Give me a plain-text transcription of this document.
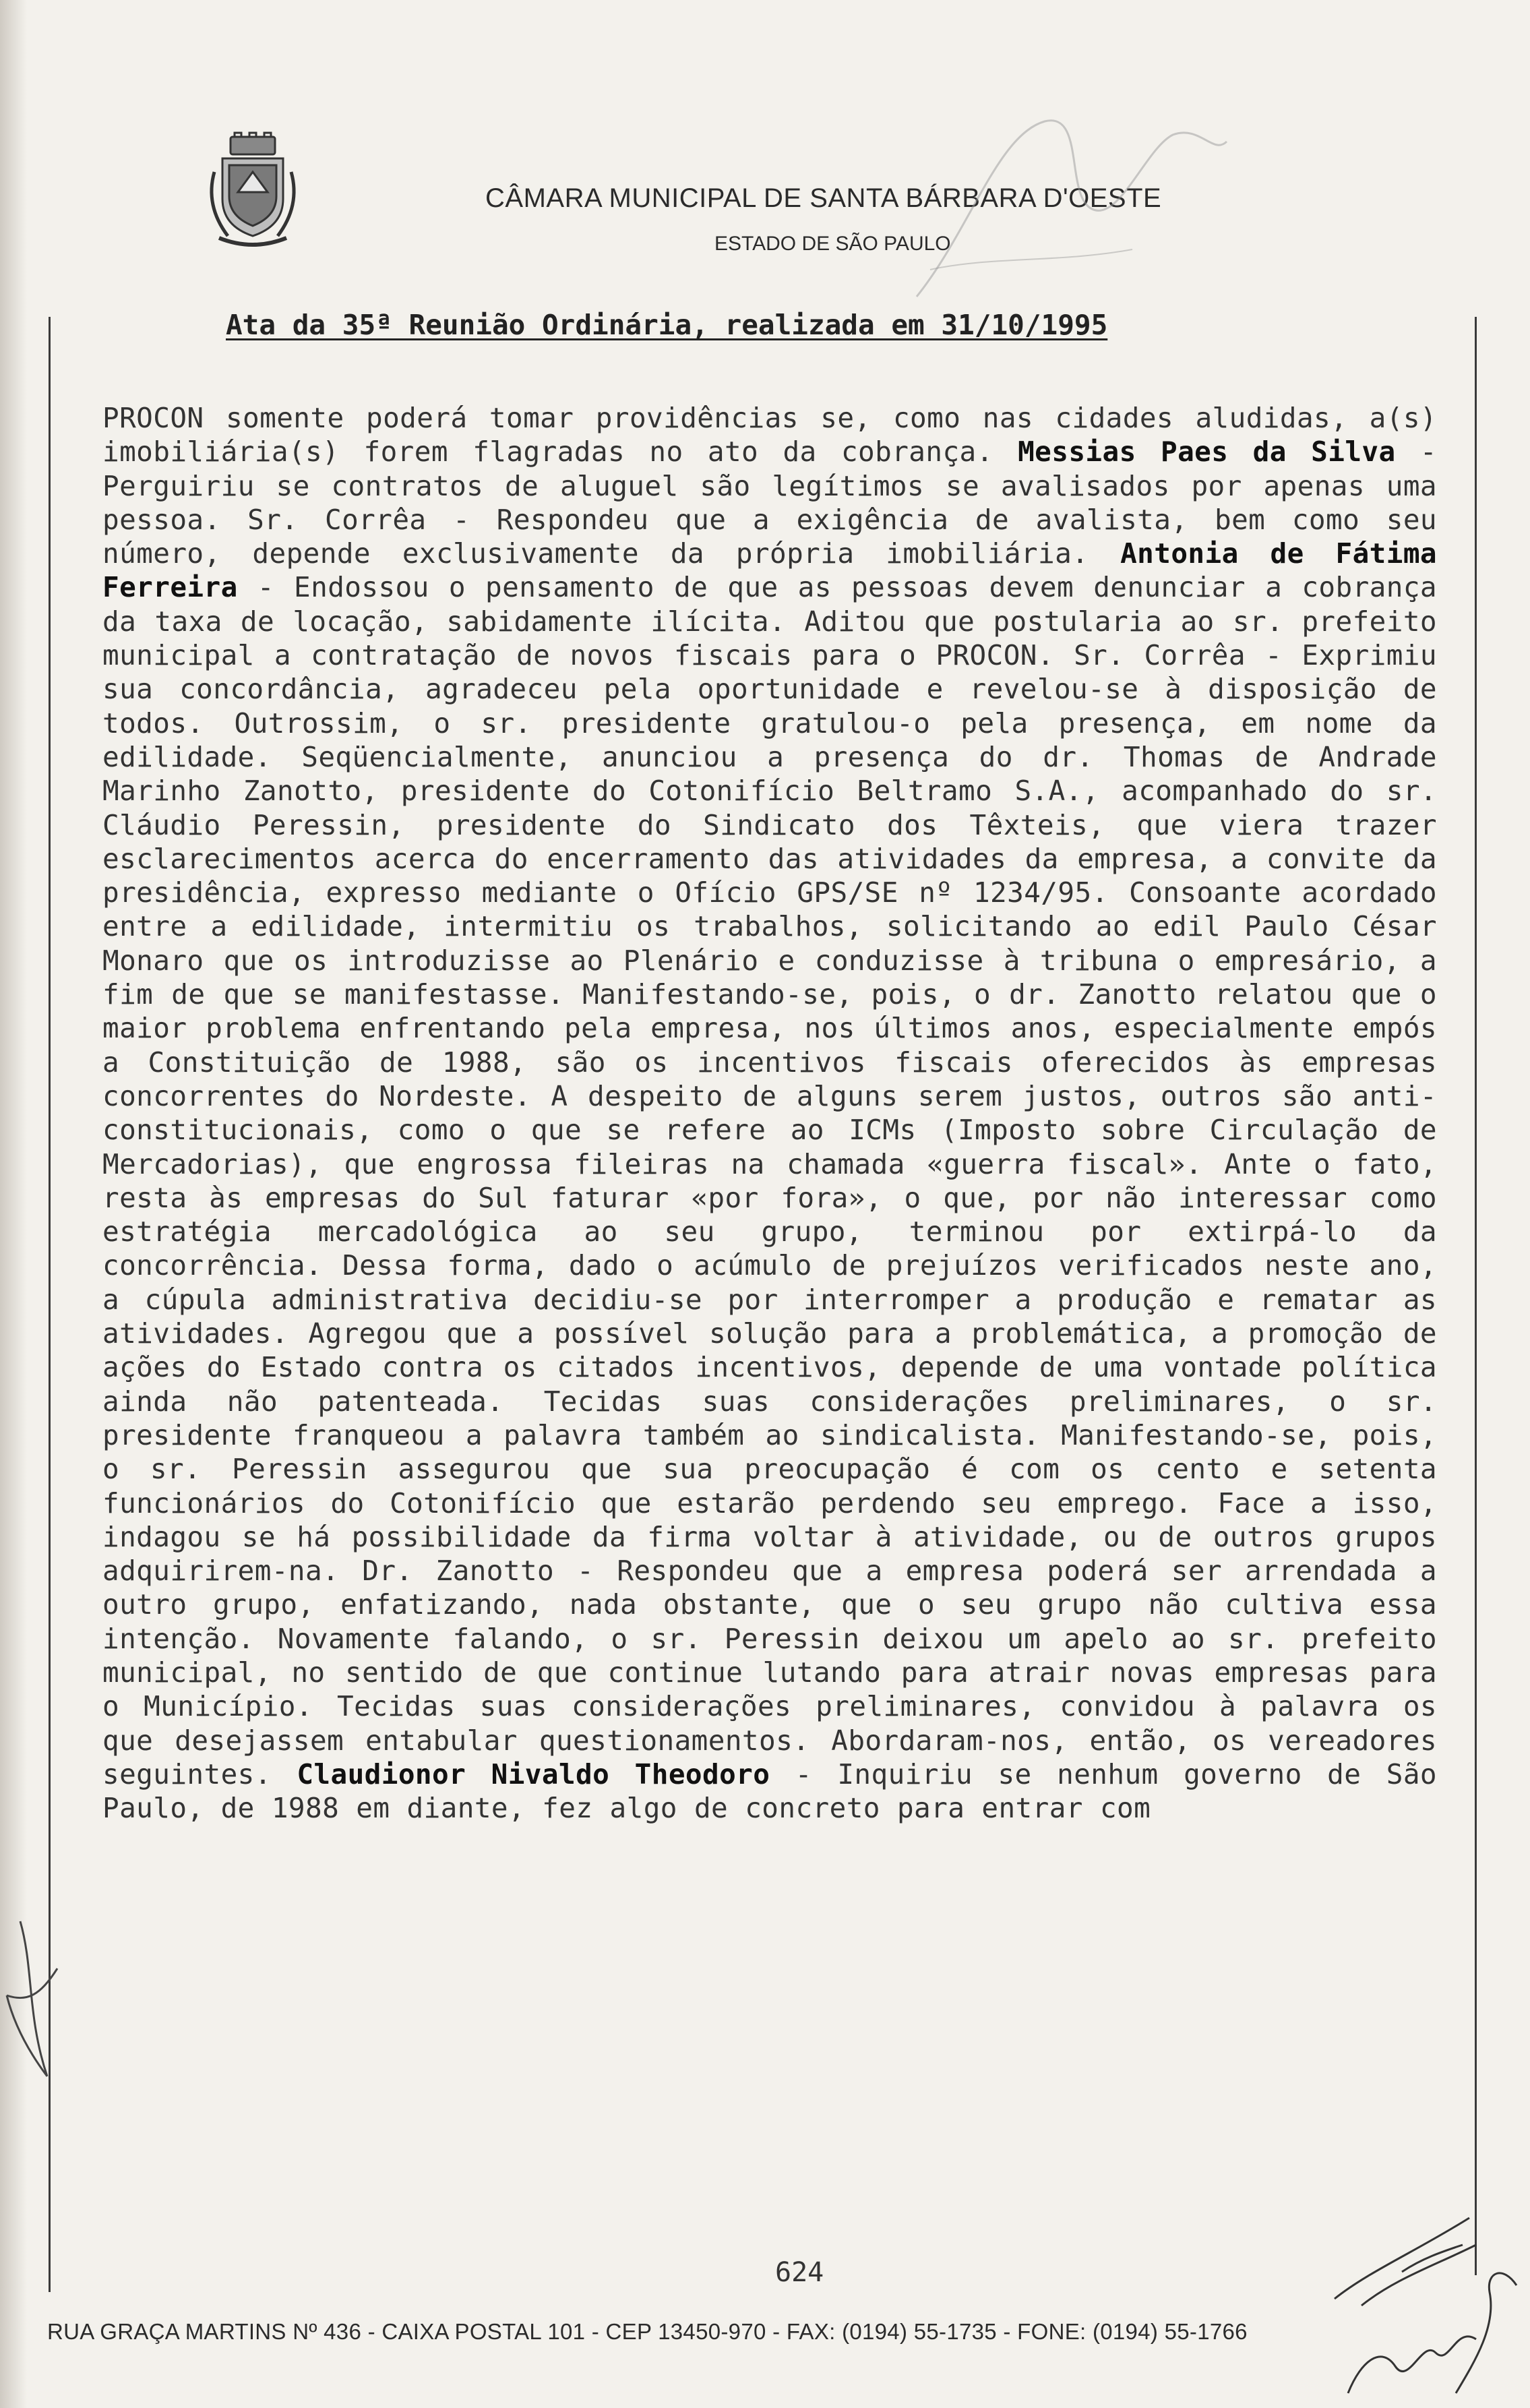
CÂMARA MUNICIPAL DE SANTA BÁRBARA D'OESTE
ESTADO DE SÃO PAULO
Ata da 35ª Reunião Ordinária, realizada em 31/10/1995
PROCON somente poderá tomar providências se, como nas cidades aludidas, a(s) imobiliária(s) forem flagradas no ato da cobrança. Messias Paes da Silva - Perguiriu se contratos de aluguel são legítimos se avalisados por apenas uma pessoa. Sr. Corrêa - Respondeu que a exigência de avalista, bem como seu número, depende exclusivamente da própria imobiliária. Antonia de Fátima Ferreira - Endossou o pensamento de que as pessoas devem denunciar a cobrança da taxa de locação, sabidamente ilícita. Aditou que postularia ao sr. prefeito municipal a contratação de novos fiscais para o PROCON. Sr. Corrêa - Exprimiu sua concordância, agradeceu pela oportunidade e revelou-se à disposição de todos. Outrossim, o sr. presidente gratulou-o pela presença, em nome da edilidade. Seqüencialmente, anunciou a presença do dr. Thomas de Andrade Marinho Zanotto, presidente do Cotonifício Beltramo S.A., acompanhado do sr. Cláudio Peressin, presidente do Sindicato dos Têxteis, que viera trazer esclarecimentos acerca do encerramento das atividades da empresa, a convite da presidência, expresso mediante o Ofício GPS/SE nº 1234/95. Consoante acordado entre a edilidade, intermitiu os trabalhos, solicitando ao edil Paulo César Monaro que os introduzisse ao Plenário e conduzisse à tribuna o empresário, a fim de que se manifestasse. Manifestando-se, pois, o dr. Zanotto relatou que o maior problema enfrentando pela empresa, nos últimos anos, especialmente empós a Constituição de 1988, são os incentivos fiscais oferecidos às empresas concorrentes do Nordeste. A despeito de alguns serem justos, outros são anti-constitucionais, como o que se refere ao ICMs (Imposto sobre Circulação de Mercadorias), que engrossa fileiras na chamada «guerra fiscal». Ante o fato, resta às empresas do Sul faturar «por fora», o que, por não interessar como estratégia mercadológica ao seu grupo, terminou por extirpá-lo da concorrência. Dessa forma, dado o acúmulo de prejuízos verificados neste ano, a cúpula administrativa decidiu-se por interromper a produção e rematar as atividades. Agregou que a possível solução para a problemática, a promoção de ações do Estado contra os citados incentivos, depende de uma vontade política ainda não patenteada. Tecidas suas considerações preliminares, o sr. presidente franqueou a palavra também ao sindicalista. Manifestando-se, pois, o sr. Peressin assegurou que sua preocupação é com os cento e setenta funcionários do Cotonifício que estarão perdendo seu emprego. Face a isso, indagou se há possibilidade da firma voltar à atividade, ou de outros grupos adquirirem-na. Dr. Zanotto - Respondeu que a empresa poderá ser arrendada a outro grupo, enfatizando, nada obstante, que o seu grupo não cultiva essa intenção. Novamente falando, o sr. Peressin deixou um apelo ao sr. prefeito municipal, no sentido de que continue lutando para atrair novas empresas para o Município. Tecidas suas considerações preliminares, convidou à palavra os que desejassem entabular questionamentos. Abordaram-nos, então, os vereadores seguintes. Claudionor Nivaldo Theodoro - Inquiriu se nenhum governo de São Paulo, de 1988 em diante, fez algo de concreto para entrar com
624
RUA GRAÇA MARTINS Nº 436 - CAIXA POSTAL 101 - CEP 13450-970 - FAX: (0194) 55-1735 - FONE: (0194) 55-1766
